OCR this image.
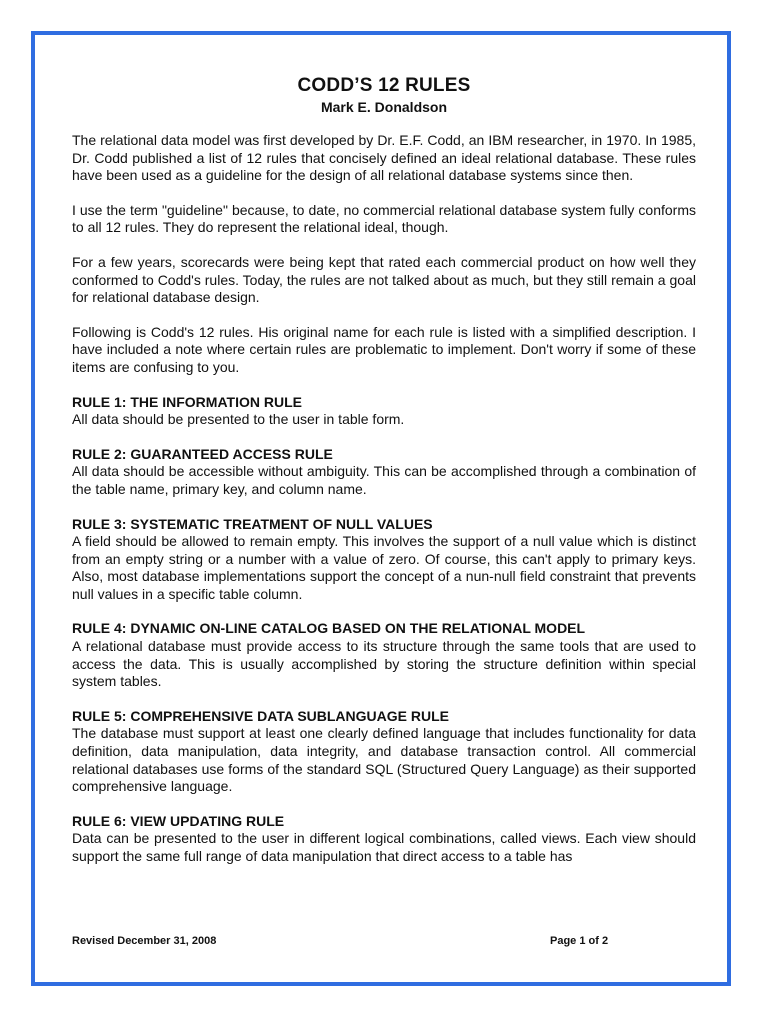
CODD’S 12 RULES
Mark E. Donaldson

The relational data model was first developed by Dr. E.F. Codd, an IBM researcher, in 1970. In 1985, Dr. Codd published a list of 12 rules that concisely defined an ideal relational database. These rules have been used as a guideline for the design of all relational database systems since then.

I use the term "guideline" because, to date, no commercial relational database system fully conforms to all 12 rules. They do represent the relational ideal, though.

For a few years, scorecards were being kept that rated each commercial product on how well they conformed to Codd's rules. Today, the rules are not talked about as much, but they still remain a goal for relational database design.

Following is Codd's 12 rules. His original name for each rule is listed with a simplified description. I have included a note where certain rules are problematic to implement. Don't worry if some of these items are confusing to you.

RULE 1: THE INFORMATION RULE

All data should be presented to the user in table form.

RULE 2: GUARANTEED ACCESS RULE

All data should be accessible without ambiguity. This can be accomplished through a combination of the table name, primary key, and column name.

RULE 3: SYSTEMATIC TREATMENT OF NULL VALUES

A field should be allowed to remain empty. This involves the support of a null value which is distinct from an empty string or a number with a value of zero. Of course, this can't apply to primary keys. Also, most database implementations support the concept of a nun-null field constraint that prevents null values in a specific table column.

RULE 4: DYNAMIC ON-LINE CATALOG BASED ON THE RELATIONAL MODEL

A relational database must provide access to its structure through the same tools that are used to access the data. This is usually accomplished by storing the structure definition within special system tables.

RULE 5: COMPREHENSIVE DATA SUBLANGUAGE RULE

The database must support at least one clearly defined language that includes functionality for data definition, data manipulation, data integrity, and database transaction control. All commercial relational databases use forms of the standard SQL (Structured Query Language) as their supported comprehensive language.

RULE 6: VIEW UPDATING RULE

Data can be presented to the user in different logical combinations, called views. Each view should support the same full range of data manipulation that direct access to a table has

Revised December 31, 2008	Page 1 of 2
